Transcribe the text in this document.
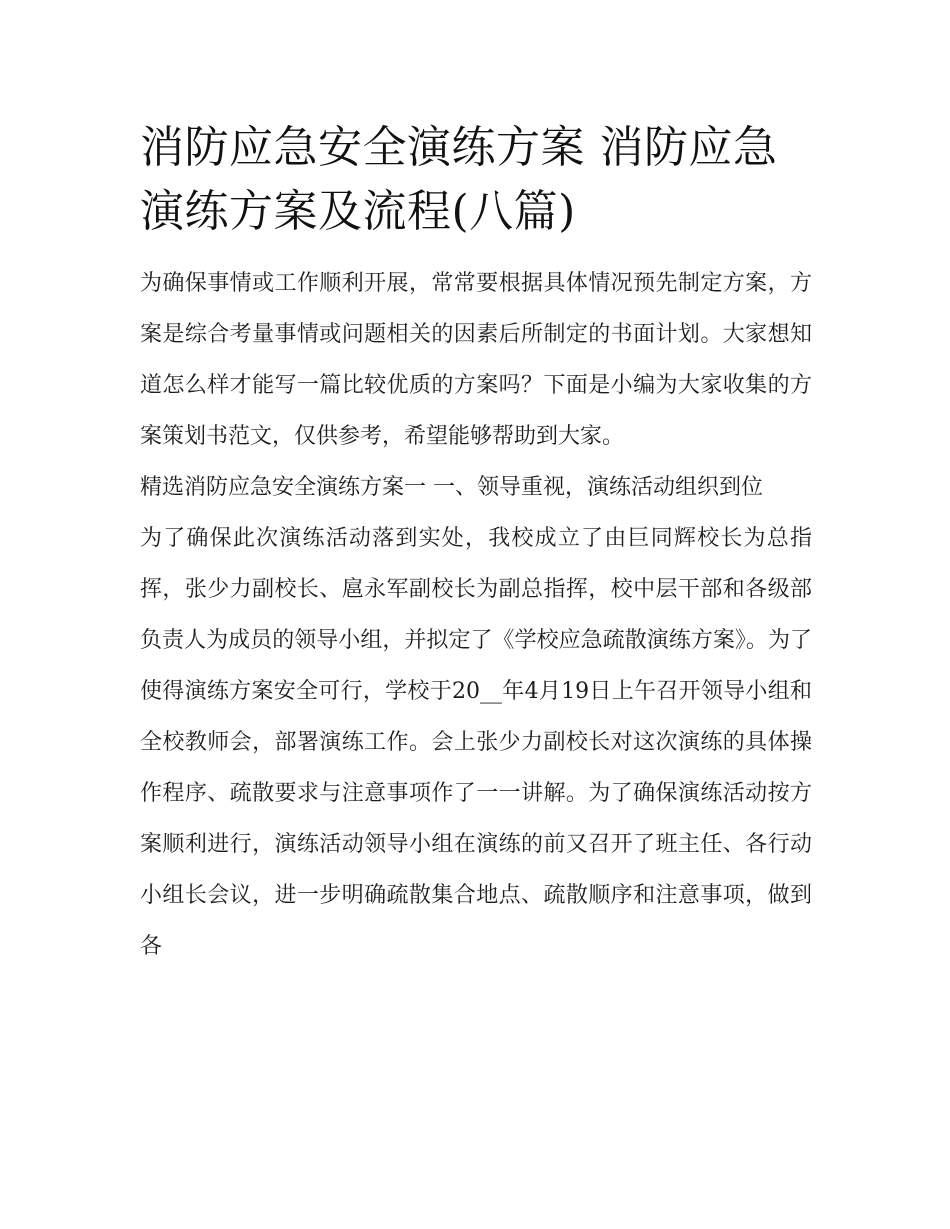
消防应急安全演练方案 消防应急演练方案及流程(八篇)

为确保事情或工作顺利开展，常常要根据具体情况预先制定方案，方案是综合考量事情或问题相关的因素后所制定的书面计划。大家想知道怎么样才能写一篇比较优质的方案吗？下面是小编为大家收集的方案策划书范文，仅供参考，希望能够帮助到大家。

精选消防应急安全演练方案一 一、领导重视，演练活动组织到位

为了确保此次演练活动落到实处，我校成立了由巨同辉校长为总指挥，张少力副校长、扈永军副校长为副总指挥，校中层干部和各级部负责人为成员的领导小组，并拟定了《学校应急疏散演练方案》。为了使得演练方案安全可行，学校于20__年4月19日上午召开领导小组和全校教师会，部署演练工作。会上张少力副校长对这次演练的具体操作程序、疏散要求与注意事项作了一一讲解。为了确保演练活动按方案顺利进行，演练活动领导小组在演练的前又召开了班主任、各行动小组长会议，进一步明确疏散集合地点、疏散顺序和注意事项，做到各
